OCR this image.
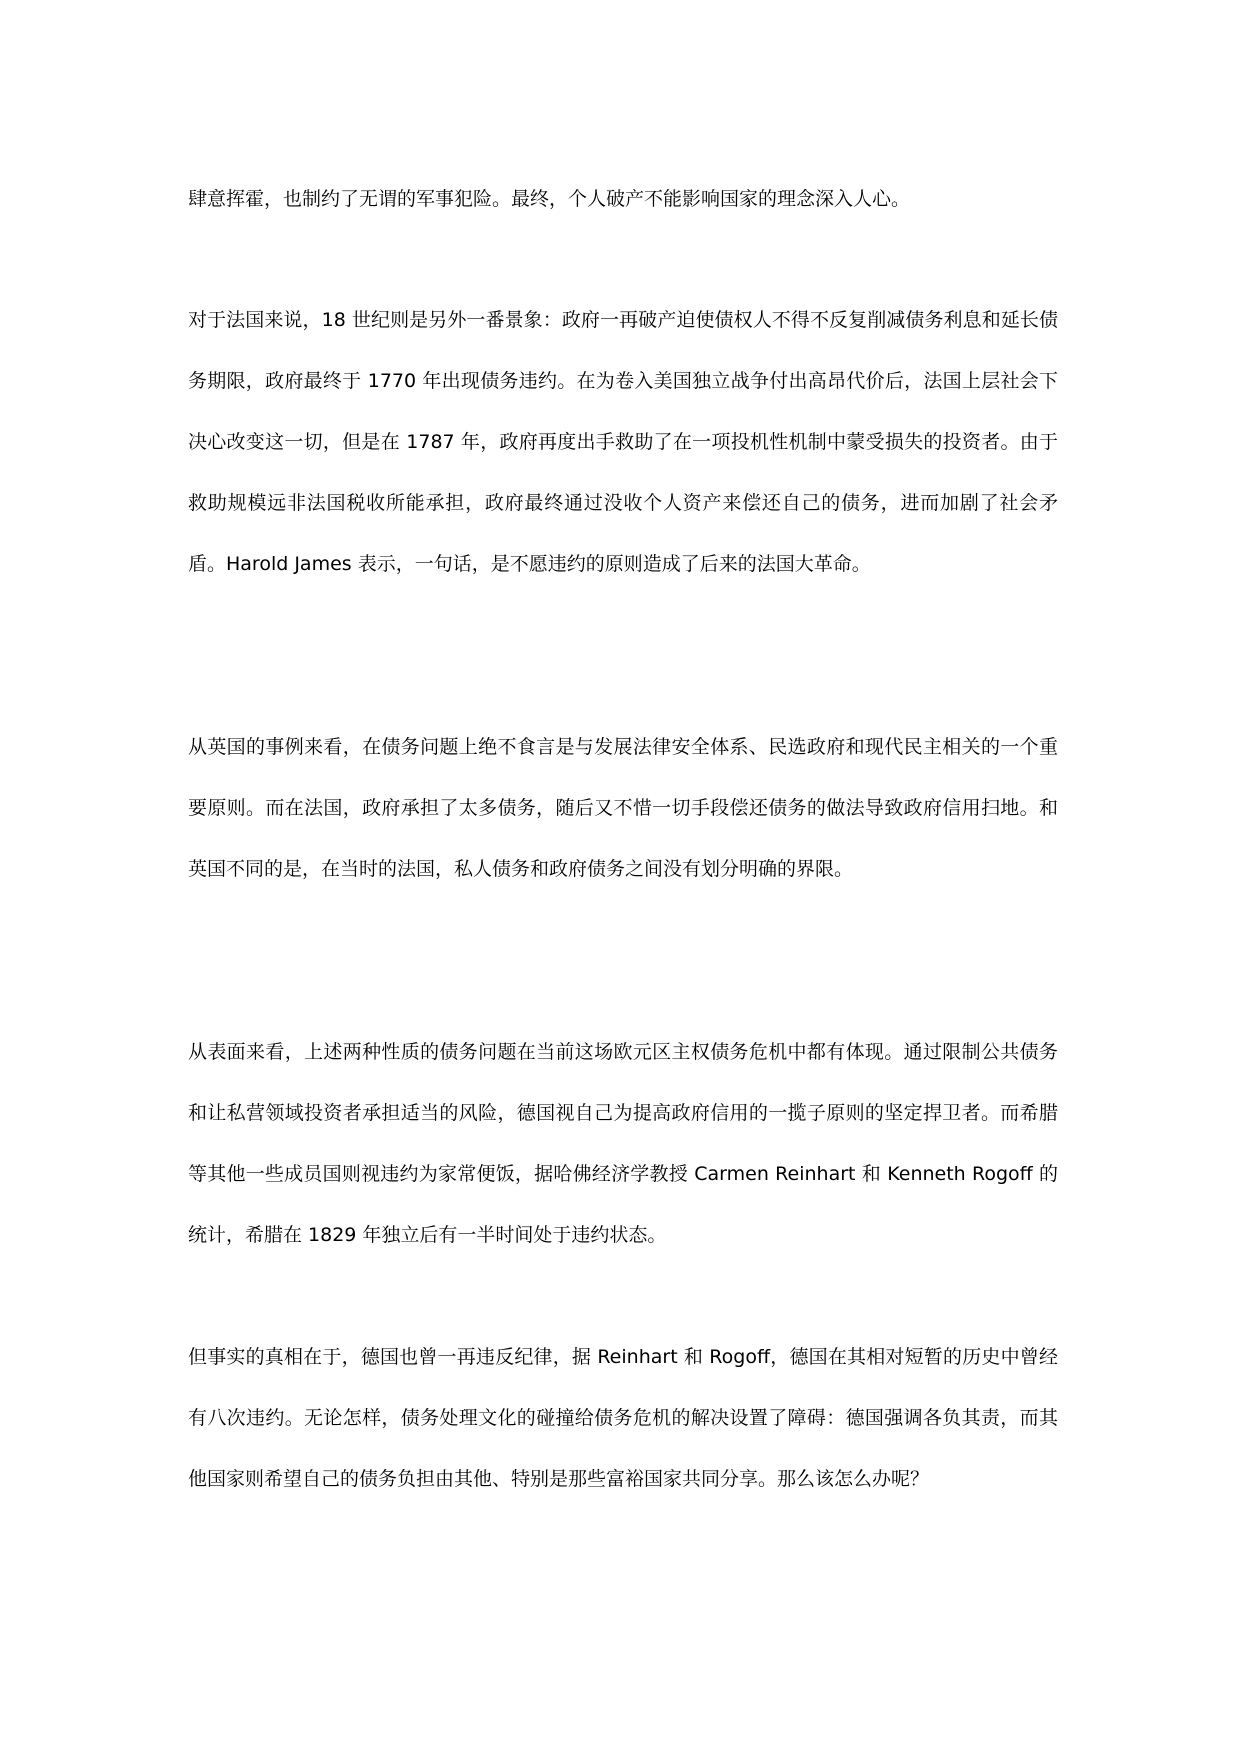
肆意挥霍，也制约了无谓的军事犯险。最终，个人破产不能影响国家的理念深入人心。

对于法国来说，18 世纪则是另外一番景象：政府一再破产迫使债权人不得不反复削减债务利息和延长债务期限，政府最终于 1770 年出现债务违约。在为卷入美国独立战争付出高昂代价后，法国上层社会下决心改变这一切，但是在 1787 年，政府再度出手救助了在一项投机性机制中蒙受损失的投资者。由于救助规模远非法国税收所能承担，政府最终通过没收个人资产来偿还自己的债务，进而加剧了社会矛盾。Harold James 表示，一句话，是不愿违约的原则造成了后来的法国大革命。

从英国的事例来看，在债务问题上绝不食言是与发展法律安全体系、民选政府和现代民主相关的一个重要原则。而在法国，政府承担了太多债务，随后又不惜一切手段偿还债务的做法导致政府信用扫地。和英国不同的是，在当时的法国，私人债务和政府债务之间没有划分明确的界限。

从表面来看，上述两种性质的债务问题在当前这场欧元区主权债务危机中都有体现。通过限制公共债务和让私营领域投资者承担适当的风险，德国视自己为提高政府信用的一揽子原则的坚定捍卫者。而希腊等其他一些成员国则视违约为家常便饭，据哈佛经济学教授 Carmen Reinhart 和 Kenneth Rogoff 的统计，希腊在 1829 年独立后有一半时间处于违约状态。

但事实的真相在于，德国也曾一再违反纪律，据 Reinhart 和 Rogoff，德国在其相对短暂的历史中曾经有八次违约。无论怎样，债务处理文化的碰撞给债务危机的解决设置了障碍：德国强调各负其责，而其他国家则希望自己的债务负担由其他、特别是那些富裕国家共同分享。那么该怎么办呢？
